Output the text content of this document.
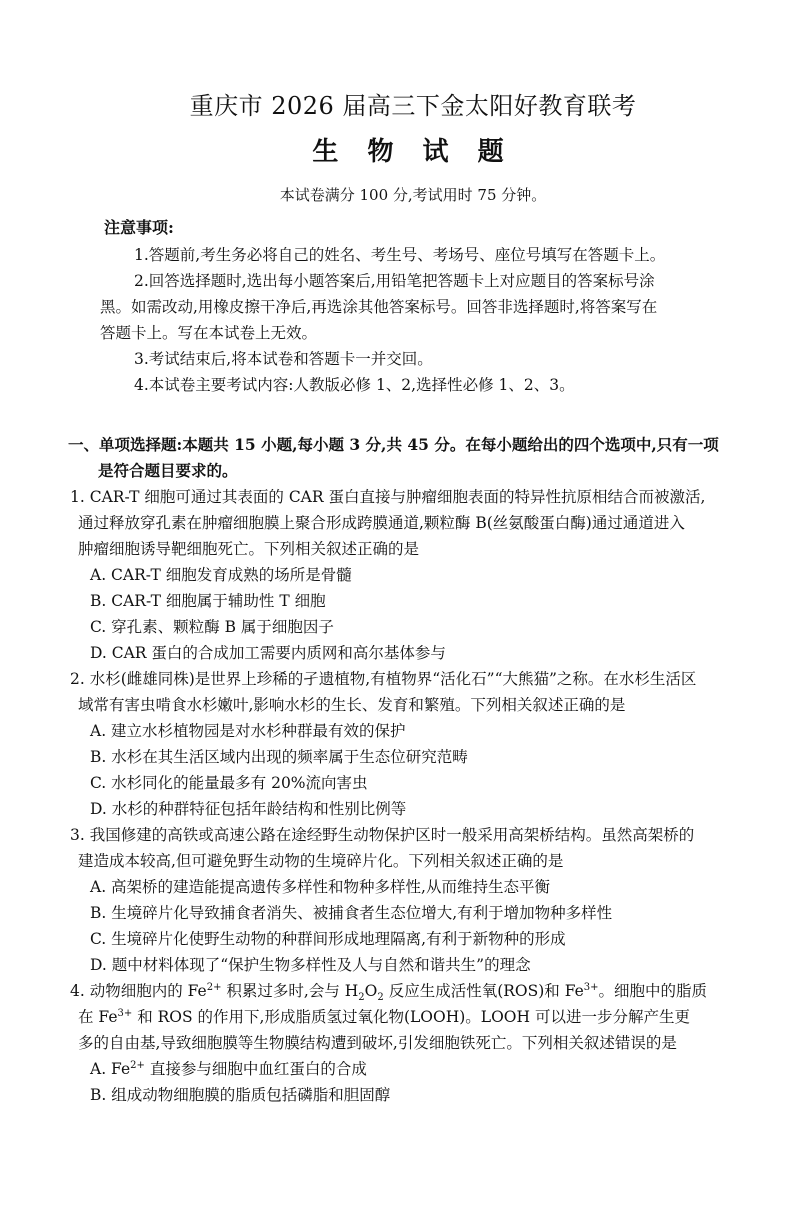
重庆市 2026 届高三下金太阳好教育联考
生 物 试 题
本试卷满分 100 分,考试用时 75 分钟。
注意事项:

1.答题前,考生务必将自己的姓名、考生号、考场号、座位号填写在答题卡上。

2.回答选择题时,选出每小题答案后,用铅笔把答题卡上对应题目的答案标号涂

黑。如需改动,用橡皮擦干净后,再选涂其他答案标号。回答非选择题时,将答案写在

答题卡上。写在本试卷上无效。

3.考试结束后,将本试卷和答题卡一并交回。

4.本试卷主要考试内容:人教版必修 1、2,选择性必修 1、2、3。

一、单项选择题:本题共 15 小题,每小题 3 分,共 45 分。在每小题给出的四个选项中,只有一项
是符合题目要求的。

1. CAR-T 细胞可通过其表面的 CAR 蛋白直接与肿瘤细胞表面的特异性抗原相结合而被激活,

通过释放穿孔素在肿瘤细胞膜上聚合形成跨膜通道,颗粒酶 B(丝氨酸蛋白酶)通过通道进入

肿瘤细胞诱导靶细胞死亡。下列相关叙述正确的是

A. CAR-T 细胞发育成熟的场所是骨髓

B. CAR-T 细胞属于辅助性 T 细胞

C. 穿孔素、颗粒酶 B 属于细胞因子

D. CAR 蛋白的合成加工需要内质网和高尔基体参与

2. 水杉(雌雄同株)是世界上珍稀的孑遗植物,有植物界“活化石”“大熊猫”之称。在水杉生活区

域常有害虫啃食水杉嫩叶,影响水杉的生长、发育和繁殖。下列相关叙述正确的是

A. 建立水杉植物园是对水杉种群最有效的保护

B. 水杉在其生活区域内出现的频率属于生态位研究范畴

C. 水杉同化的能量最多有 20%流向害虫

D. 水杉的种群特征包括年龄结构和性别比例等

3. 我国修建的高铁或高速公路在途经野生动物保护区时一般采用高架桥结构。虽然高架桥的

建造成本较高,但可避免野生动物的生境碎片化。下列相关叙述正确的是

A. 高架桥的建造能提高遗传多样性和物种多样性,从而维持生态平衡

B. 生境碎片化导致捕食者消失、被捕食者生态位增大,有利于增加物种多样性

C. 生境碎片化使野生动物的种群间形成地理隔离,有利于新物种的形成

D. 题中材料体现了“保护生物多样性及人与自然和谐共生”的理念

4. 动物细胞内的 $Fe^{2+}$ 积累过多时,会与 $H_2O_2$ 反应生成活性氧(ROS)和 $Fe^{3+}$。细胞中的脂质

在 $Fe^{3+}$ 和 ROS 的作用下,形成脂质氢过氧化物(LOOH)。LOOH 可以进一步分解产生更

多的自由基,导致细胞膜等生物膜结构遭到破坏,引发细胞铁死亡。下列相关叙述错误的是

A. $Fe^{2+}$ 直接参与细胞中血红蛋白的合成

B. 组成动物细胞膜的脂质包括磷脂和胆固醇
